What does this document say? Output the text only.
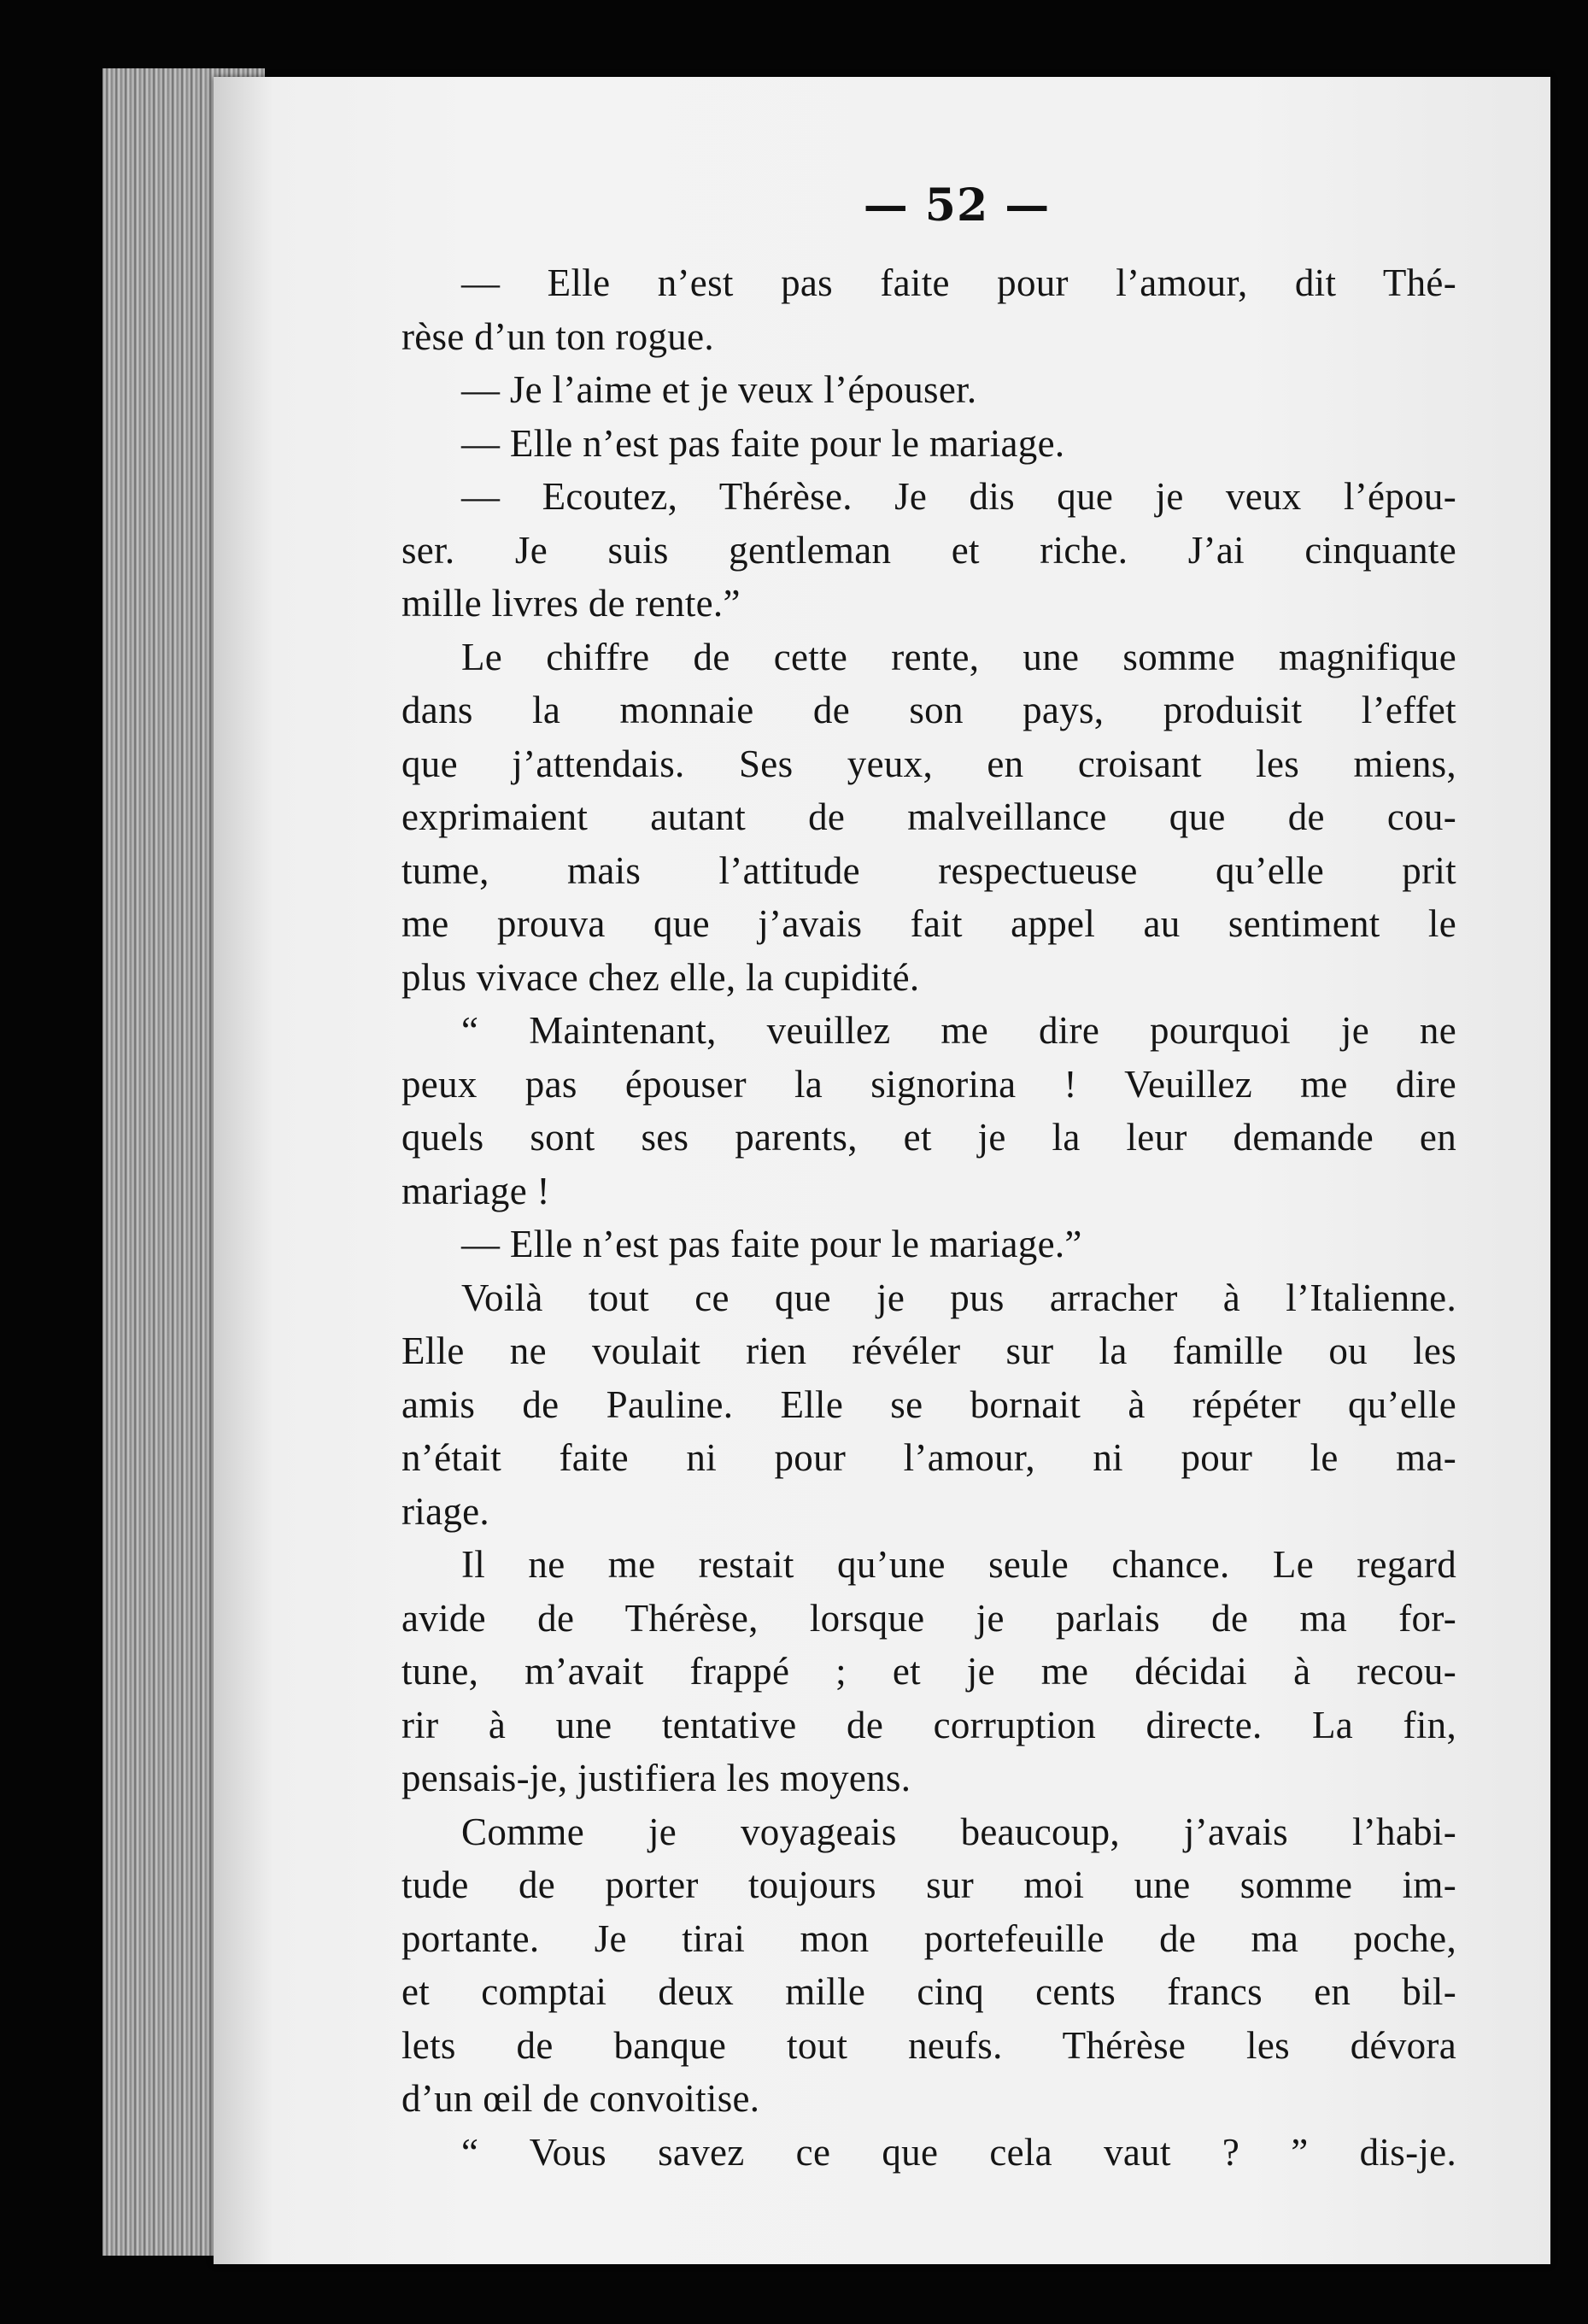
— 52 —
— Elle n’est pas faite pour l’amour, dit Thé-
rèse d’un ton rogue.
— Je l’aime et je veux l’épouser.
— Elle n’est pas faite pour le mariage.
— Ecoutez, Thérèse. Je dis que je veux l’épou-
ser. Je suis gentleman et riche. J’ai cinquante
mille livres de rente.”
Le chiffre de cette rente, une somme magnifique
dans la monnaie de son pays, produisit l’effet
que j’attendais. Ses yeux, en croisant les miens,
exprimaient autant de malveillance que de cou-
tume, mais l’attitude respectueuse qu’elle prit
me prouva que j’avais fait appel au sentiment le
plus vivace chez elle, la cupidité.
“ Maintenant, veuillez me dire pourquoi je ne
peux pas épouser la signorina ! Veuillez me dire
quels sont ses parents, et je la leur demande en
mariage !
— Elle n’est pas faite pour le mariage.”
Voilà tout ce que je pus arracher à l’Italienne.
Elle ne voulait rien révéler sur la famille ou les
amis de Pauline. Elle se bornait à répéter qu’elle
n’était faite ni pour l’amour, ni pour le ma-
riage.
Il ne me restait qu’une seule chance. Le regard
avide de Thérèse, lorsque je parlais de ma for-
tune, m’avait frappé ; et je me décidai à recou-
rir à une tentative de corruption directe. La fin,
pensais-je, justifiera les moyens.
Comme je voyageais beaucoup, j’avais l’habi-
tude de porter toujours sur moi une somme im-
portante. Je tirai mon portefeuille de ma poche,
et comptai deux mille cinq cents francs en bil-
lets de banque tout neufs. Thérèse les dévora
d’un œil de convoitise.
“ Vous savez ce que cela vaut ? ” dis-je.
